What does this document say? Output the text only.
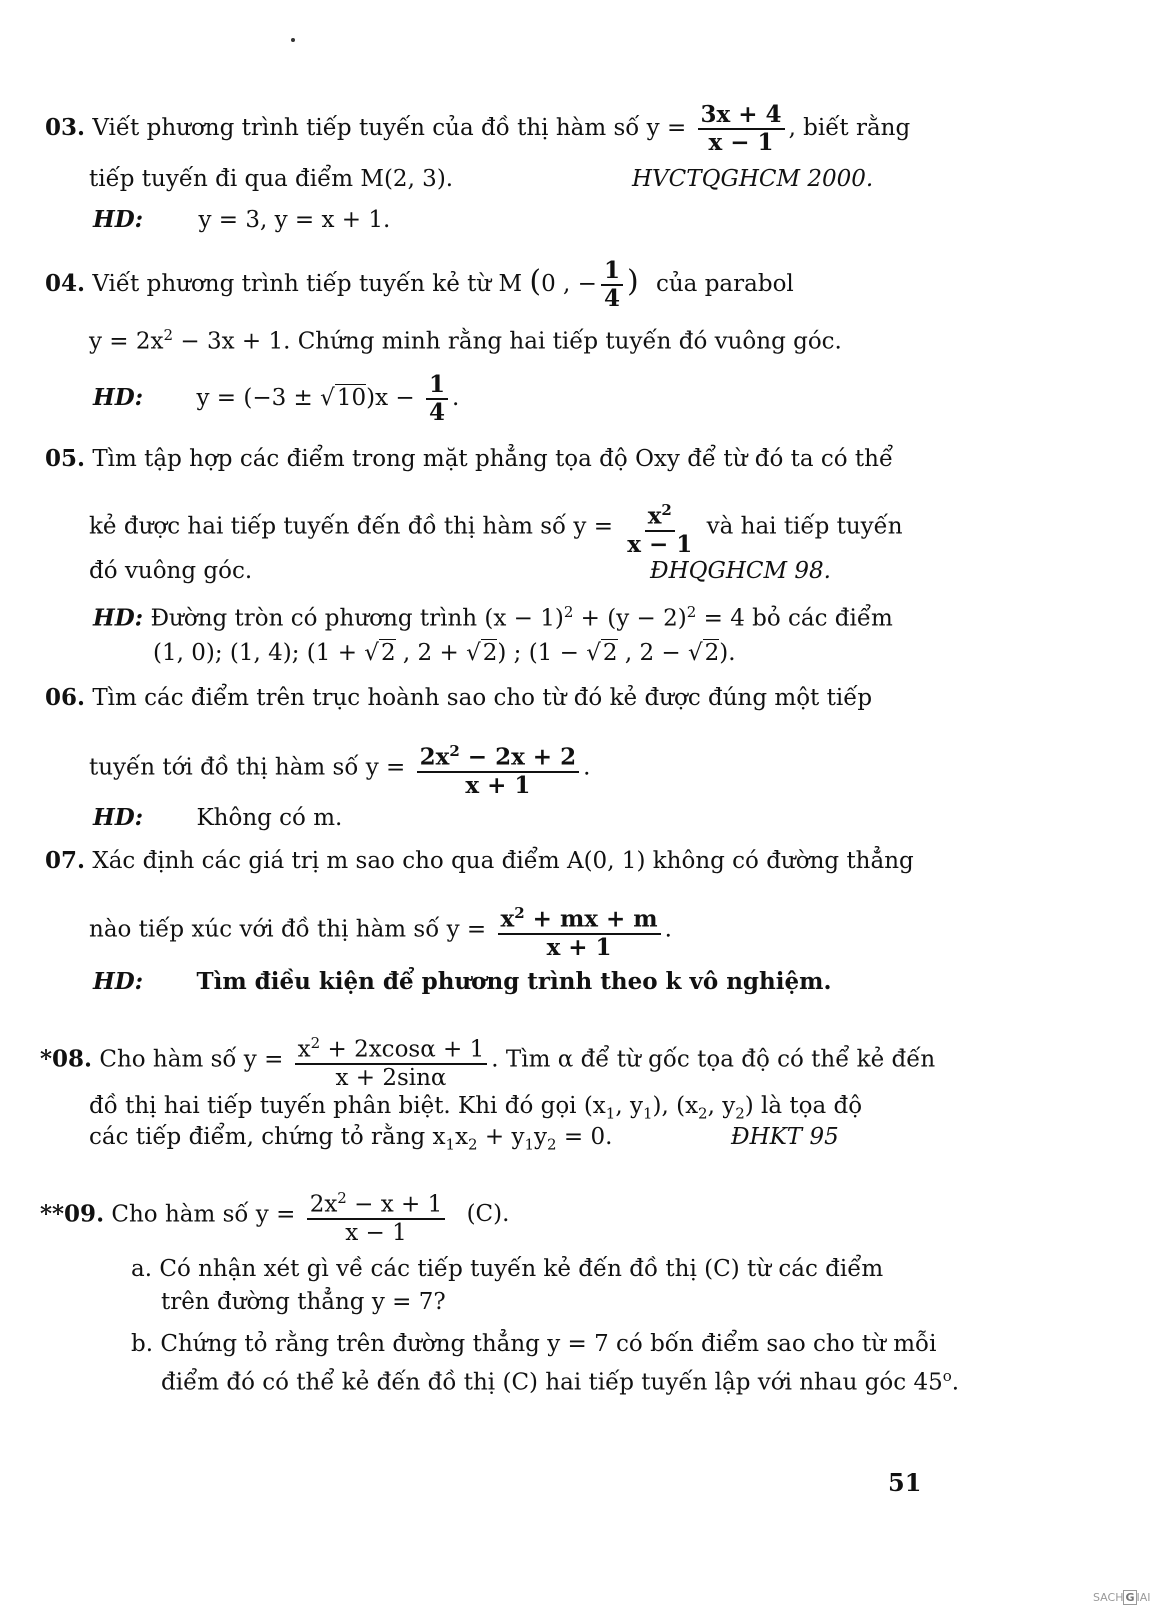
03. Viết phương trình tiếp tuyến của đồ thị hàm số $y = \frac{3x + 4}{x - 1}$ , biết rằng
tiếp tuyến đi qua điểm M(2, 3).	HVCTQGHCM 2000.
HD: y = 3, y = x + 1.
04. Viết phương trình tiếp tuyến kẻ từ M (0 , − $\frac{1}{4}$ ) của parabol
$y = 2x^2 - 3x + 1$. Chứng minh rằng hai tiếp tuyến đó vuông góc.
HD: $y = (-3 \pm √10)x - \frac{1}{4}$ .
05. Tìm tập hợp các điểm trong mặt phẳng tọa độ Oxy để từ đó ta có thể
kẻ được hai tiếp tuyến đến đồ thị hàm số $y = \frac{x^2}{x - 1}$ và hai tiếp tuyến
đó vuông góc.	ĐHQGHCM 98.
HD: Đường tròn có phương trình $(x - 1)^2 + (y - 2)^2 = 4$ bỏ các điểm
(1, 0); (1, 4); (1 + √2 , 2 + √2) ; (1 − √2 , 2 − √2).
06. Tìm các điểm trên trục hoành sao cho từ đó kẻ được đúng một tiếp
tuyến tới đồ thị hàm số $y = \frac{2x^2 - 2x + 2}{x + 1}$ .
HD: Không có m.
07. Xác định các giá trị m sao cho qua điểm A(0, 1) không có đường thẳng
nào tiếp xúc với đồ thị hàm số $y = \frac{x^2 + mx + m}{x + 1}$ .
HD: Tìm điều kiện để phương trình theo k vô nghiệm.
*08. Cho hàm số $y = \frac{x^2 + 2xcos\alpha + 1}{x + 2\sin\alpha}$ . Tìm α để từ gốc tọa độ có thể kẻ đến
đồ thị hai tiếp tuyến phân biệt. Khi đó gọi ($x_1$, $y_1$), ($x_2$, $y_2$) là tọa độ
các tiếp điểm, chứng tỏ rằng $x_1x_2 + y_1y_2 = 0$.	ĐHKT 95
**09. Cho hàm số $y = \frac{2x^2 - x + 1}{x - 1} (C)$.
a. Có nhận xét gì về các tiếp tuyến kẻ đến đồ thị (C) từ các điểm
trên đường thẳng y = 7?
b. Chứng tỏ rằng trên đường thẳng y = 7 có bốn điểm sao cho từ mỗi
điểm đó có thể kẻ đến đồ thị (C) hai tiếp tuyến lập với nhau góc 45$^o$.
51
SACH G IAI
